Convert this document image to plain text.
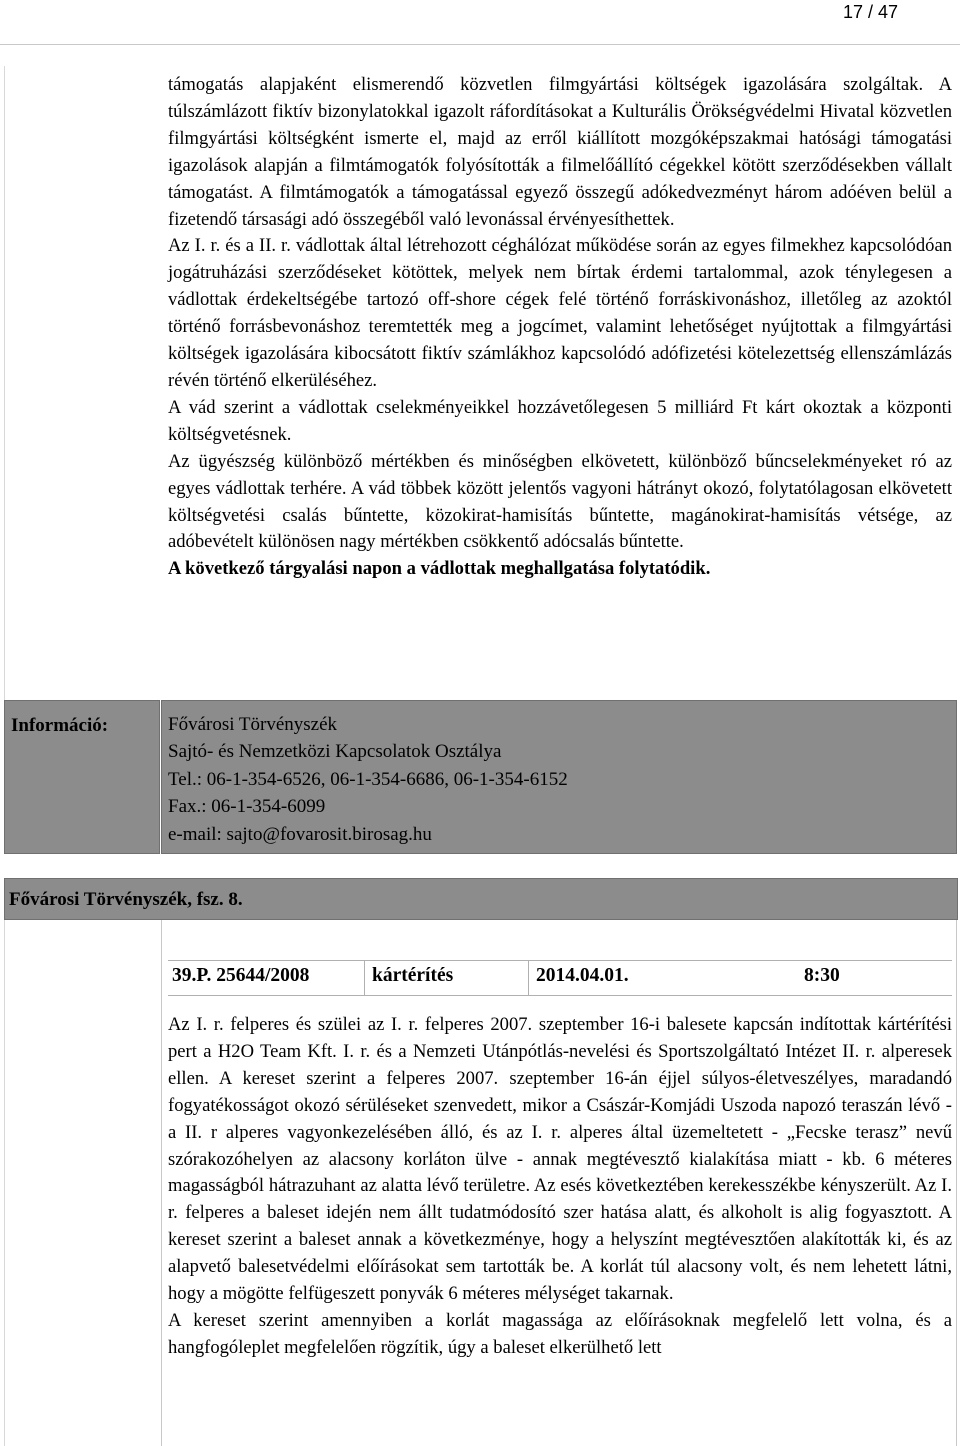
17 / 47

támogatás alapjaként elismerendő közvetlen filmgyártási költségek igazolására szolgáltak. A túlszámlázott fiktív bizonylatokkal igazolt ráfordításokat a Kulturális Örökségvédelmi Hivatal közvetlen filmgyártási költségként ismerte el, majd az erről kiállított mozgóképszakmai hatósági támogatási igazolások alapján a filmtámogatók folyósították a filmelőállító cégekkel kötött szerződésekben vállalt támogatást. A filmtámogatók a támogatással egyező összegű adókedvezményt három adóéven belül a fizetendő társasági adó összegéből való levonással érvényesíthettek.

Az I. r. és a II. r. vádlottak által létrehozott céghálózat működése során az egyes filmekhez kapcsolódóan jogátruházási szerződéseket kötöttek, melyek nem bírtak érdemi tartalommal, azok ténylegesen a vádlottak érdekeltségébe tartozó off-shore cégek felé történő forráskivonáshoz, illetőleg az azoktól történő forrásbevonáshoz teremtették meg a jogcímet, valamint lehetőséget nyújtottak a filmgyártási költségek igazolására kibocsátott fiktív számlákhoz kapcsolódó adófizetési kötelezettség ellenszámlázás révén történő elkerüléséhez.

A vád szerint a vádlottak cselekményeikkel hozzávetőlegesen 5 milliárd Ft kárt okoztak a központi költségvetésnek.

Az ügyészség különböző mértékben és minőségben elkövetett, különböző bűncselekményeket ró az egyes vádlottak terhére. A vád többek között jelentős vagyoni hátrányt okozó, folytatólagosan elkövetett költségvetési csalás bűntette, közokirat-hamisítás bűntette, magánokirat-hamisítás vétsége, az adóbevételt különösen nagy mértékben csökkentő adócsalás bűntette.

A következő tárgyalási napon a vádlottak meghallgatása folytatódik.

Információ:	Fővárosi Törvényszék
Sajtó- és Nemzetközi Kapcsolatok Osztálya
Tel.: 06-1-354-6526, 06-1-354-6686, 06-1-354-6152
Fax.: 06-1-354-6099
e-mail: sajto@fovarosit.birosag.hu
Fővárosi Törvényszék, fsz. 8.
39.P. 25644/2008	kártérítés	2014.04.01.	8:30

Az I. r. felperes és szülei az I. r. felperes 2007. szeptember 16-i balesete kapcsán indítottak kártérítési pert a H2O Team Kft. I. r. és a Nemzeti Utánpótlás-nevelési és Sportszolgáltató Intézet II. r. alperesek ellen. A kereset szerint a felperes 2007. szeptember 16-án éjjel súlyos-életveszélyes, maradandó fogyatékosságot okozó sérüléseket szenvedett, mikor a Császár-Komjádi Uszoda napozó teraszán lévő - a II. r alperes vagyonkezelésében álló, és az I. r. alperes által üzemeltetett - „Fecske terasz” nevű szórakozóhelyen az alacsony korláton ülve - annak megtévesztő kialakítása miatt - kb. 6 méteres magasságból hátrazuhant az alatta lévő területre. Az esés következtében kerekesszékbe kényszerült. Az I. r. felperes a baleset idején nem állt tudatmódosító szer hatása alatt, és alkoholt is alig fogyasztott. A kereset szerint a baleset annak a következménye, hogy a helyszínt megtévesztően alakították ki, és az alapvető balesetvédelmi előírásokat sem tartották be. A korlát túl alacsony volt, és nem lehetett látni, hogy a mögötte felfügeszett ponyvák 6 méteres mélységet takarnak.

A kereset szerint amennyiben a korlát magassága az előírásoknak megfelelő lett volna, és a hangfogóleplet megfelelően rögzítik, úgy a baleset elkerülhető lett
